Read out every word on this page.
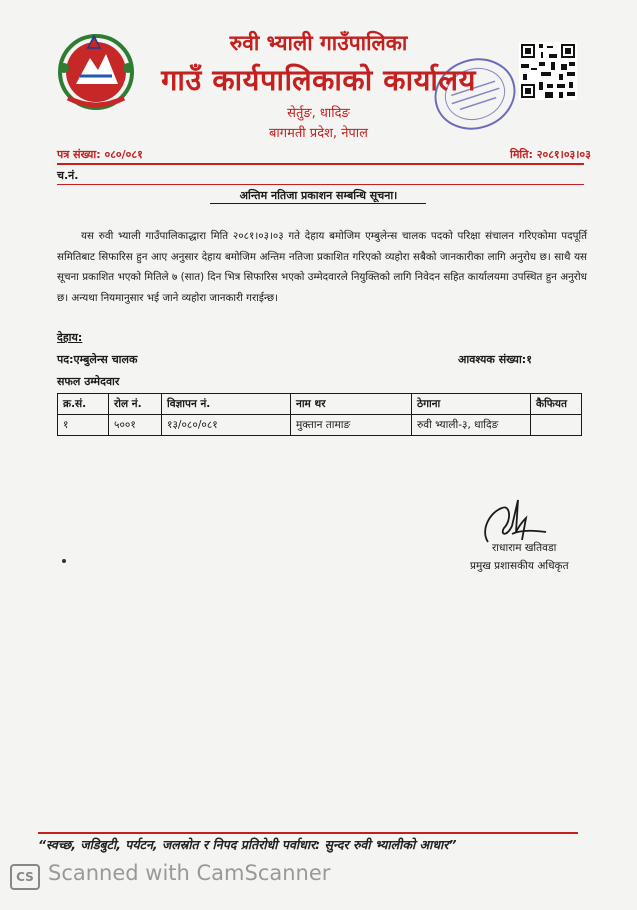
रुवी भ्याली गाउँपालिका
गाउँ कार्यपालिकाको कार्यालय
सेर्तुङ, धादिङ
बागमती प्रदेश, नेपाल
पत्र संख्या: ०८०/०८१	मिति: २०८१।०३।०३
च.नं.
अन्तिम नतिजा प्रकाशन सम्बन्धि सूचना।

यस रुवी भ्याली गाउँपालिकाद्धारा मिति २०८१।०३।०३ गते देहाय बमोजिम एम्बुलेन्स चालक पदको परिक्षा संचालन गरिएकोमा पदपूर्ति समितिबाट सिफारिस हुन आए अनुसार देहाय बमोजिम अन्तिम नतिजा प्रकाशित गरिएको व्यहोरा सबैको जानकारीका लागि अनुरोध छ। साथै यस सूचना प्रकाशित भएको मितिले ७ (सात) दिन भित्र सिफारिस भएको उम्मेदवारले नियुक्तिको लागि निवेदन सहित कार्यालयमा उपस्थित हुन अनुरोध छ। अन्यथा नियमानुसार भई जाने व्यहोरा जानकारी गराईन्छ।

देहाय:
पद:एम्बुलेन्स चालक	आवश्यक संख्या:१
सफल उम्मेदवार
क्र.सं.	रोल नं.	विज्ञापन नं.	नाम थर	ठेगाना	कैफियत
१	५००१	१३/०८०/०८१	मुक्तान तामाङ	रुवी भ्याली-३, धादिङ	
राधाराम खतिवडा
प्रमुख प्रशासकीय अधिकृत
“स्वच्छ, जडिबुटी, पर्यटन, जलस्रोत र निपद प्रतिरोधी पर्वाधार: सुन्दर रुवी भ्यालीको आधार”
CS Scanned with CamScanner
